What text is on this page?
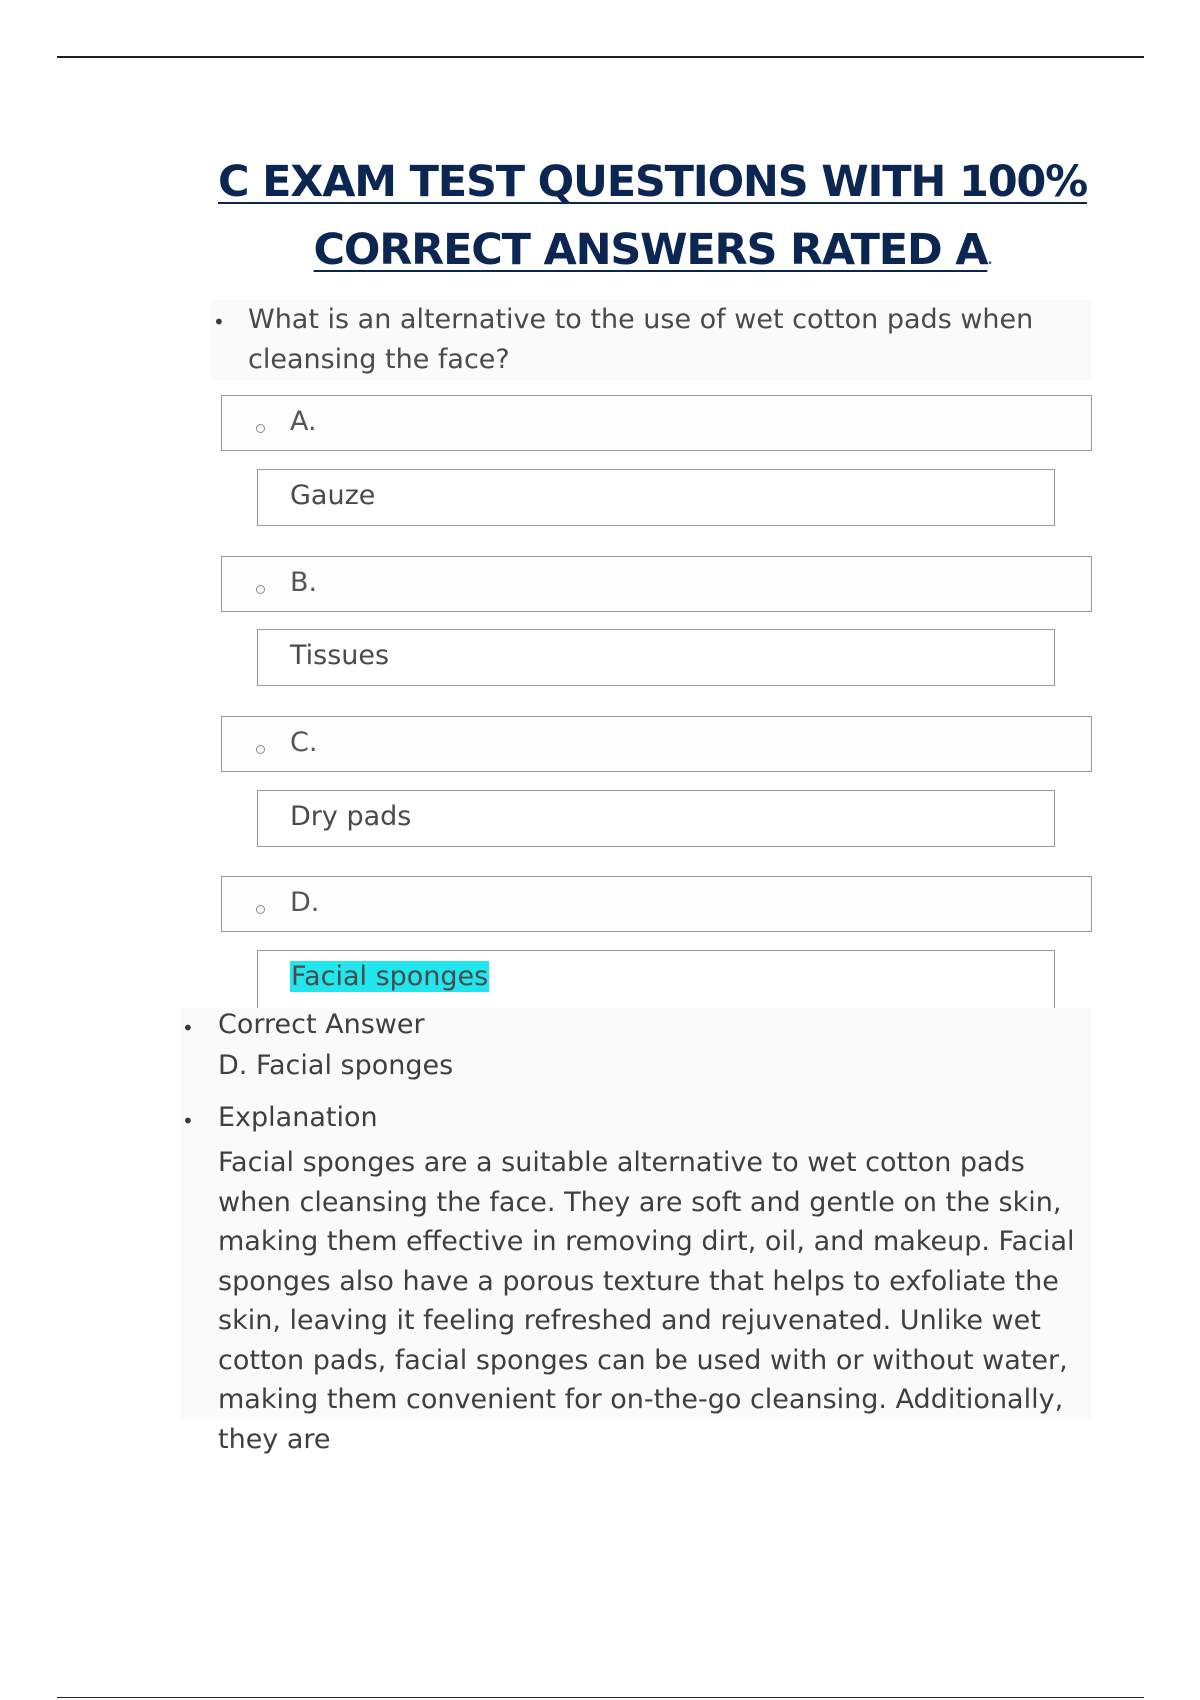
C EXAM TEST QUESTIONS WITH 100%
CORRECT ANSWERS RATED A.
• What is an alternative to the use of wet cotton pads when cleansing the face?
A.
Gauze
B.
Tissues
C.
Dry pads
D.
Facial sponges
• Correct Answer
D. Facial sponges
• Explanation

Facial sponges are a suitable alternative to wet cotton pads when cleansing the face. They are soft and gentle on the skin, making them effective in removing dirt, oil, and makeup. Facial sponges also have a porous texture that helps to exfoliate the skin, leaving it feeling refreshed and rejuvenated. Unlike wet cotton pads, facial sponges can be used with or without water, making them convenient for on-the-go cleansing. Additionally, they are
